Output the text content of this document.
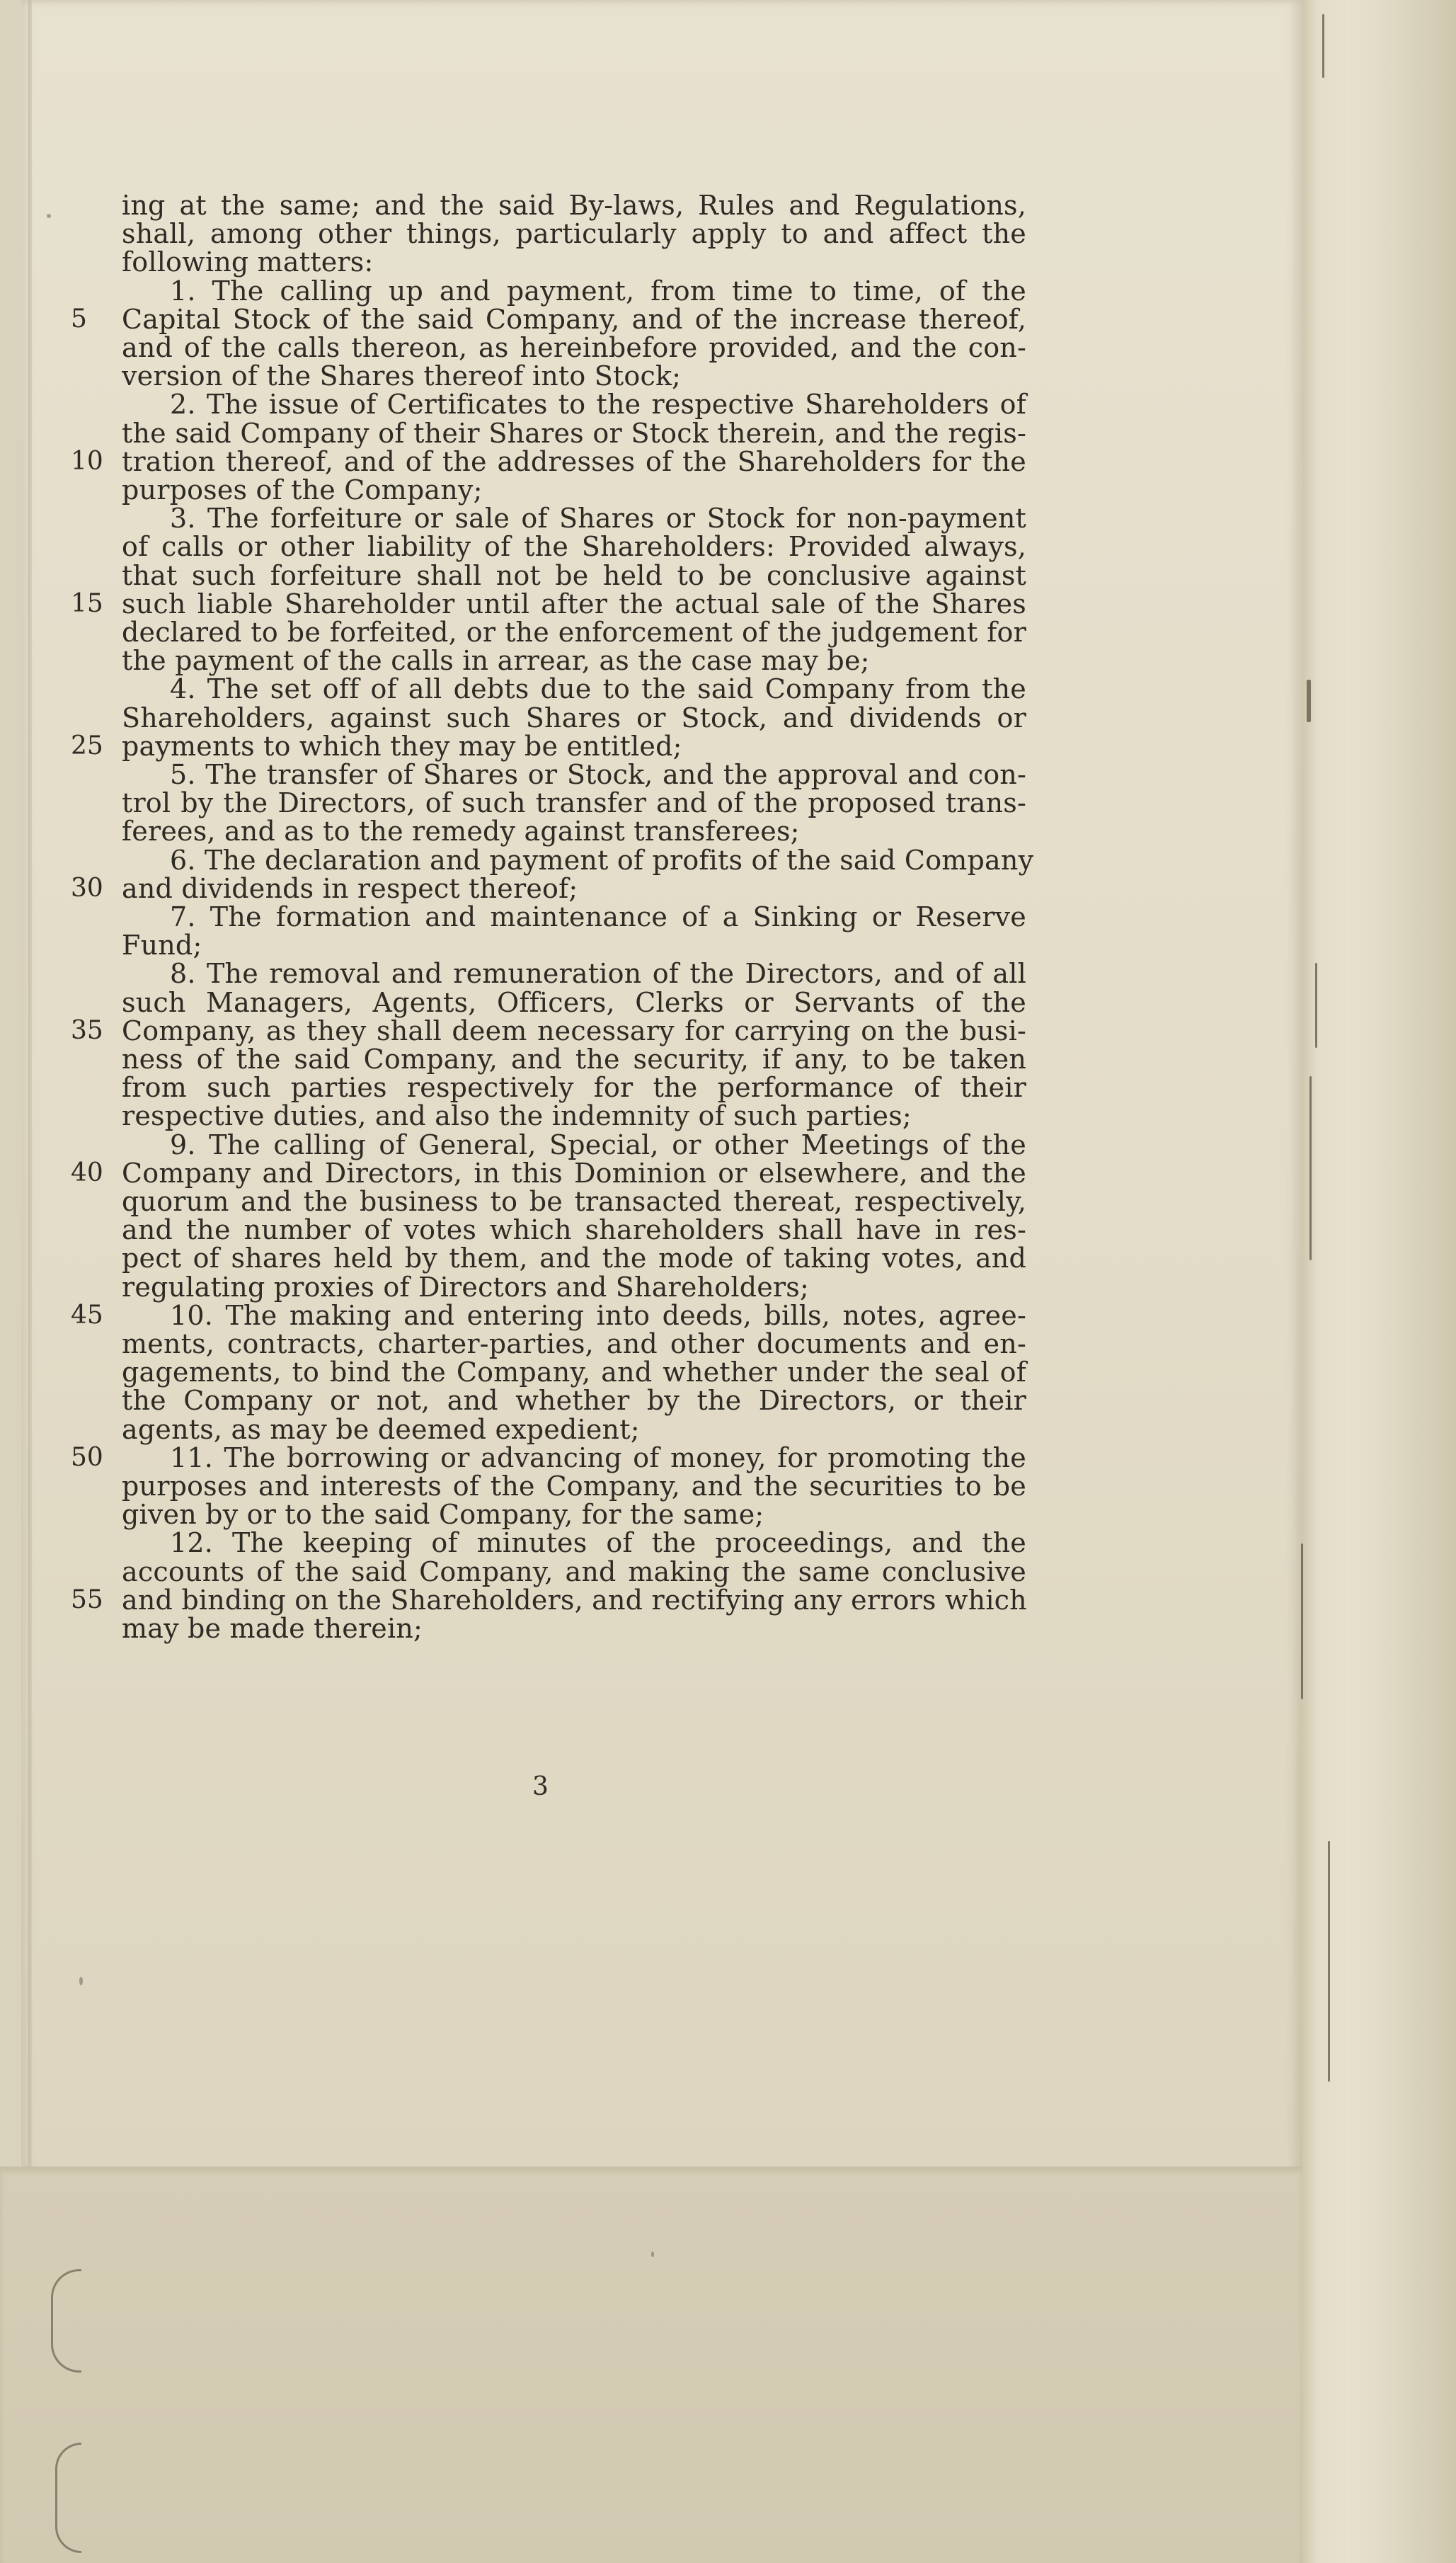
ing at the same; and the said By-laws, Rules and Regulations,
shall, among other things, particularly apply to and affect the
following matters:
1. The calling up and payment, from time to time, of the
5	Capital Stock of the said Company, and of the increase thereof,
and of the calls thereon, as hereinbefore provided, and the con-
version of the Shares thereof into Stock;
2. The issue of Certificates to the respective Shareholders of
the said Company of their Shares or Stock therein, and the regis-
10 tration thereof, and of the addresses of the Shareholders for the
purposes of the Company;
3. The forfeiture or sale of Shares or Stock for non-payment
of calls or other liability of the Shareholders: Provided always,
that such forfeiture shall not be held to be conclusive against
15 such liable Shareholder until after the actual sale of the Shares
declared to be forfeited, or the enforcement of the judgement for
the payment of the calls in arrear, as the case may be;
4. The set off of all debts due to the said Company from the
Shareholders, against such Shares or Stock, and dividends or
25 payments to which they may be entitled;
5. The transfer of Shares or Stock, and the approval and con-
trol by the Directors, of such transfer and of the proposed trans-
ferees, and as to the remedy against transferees;
6. The declaration and payment of profits of the said Company
30 and dividends in respect thereof;
7. The formation and maintenance of a Sinking or Reserve
Fund;
8. The removal and remuneration of the Directors, and of all
such Managers, Agents, Officers, Clerks or Servants of the
35 Company, as they shall deem necessary for carrying on the busi-
ness of the said Company, and the security, if any, to be taken
from such parties respectively for the performance of their
respective duties, and also the indemnity of such parties;
9. The calling of General, Special, or other Meetings of the
40 Company and Directors, in this Dominion or elsewhere, and the
quorum and the business to be transacted thereat, respectively,
and the number of votes which shareholders shall have in res-
pect of shares held by them, and the mode of taking votes, and
regulating proxies of Directors and Shareholders;
45	10. The making and entering into deeds, bills, notes, agree-
ments, contracts, charter-parties, and other documents and en-
gagements, to bind the Company, and whether under the seal of
the Company or not, and whether by the Directors, or their
agents, as may be deemed expedient;
50	11. The borrowing or advancing of money, for promoting the
purposes and interests of the Company, and the securities to be
given by or to the said Company, for the same;
12. The keeping of minutes of the proceedings, and the
accounts of the said Company, and making the same conclusive
55 and binding on the Shareholders, and rectifying any errors which
may be made therein;
3
